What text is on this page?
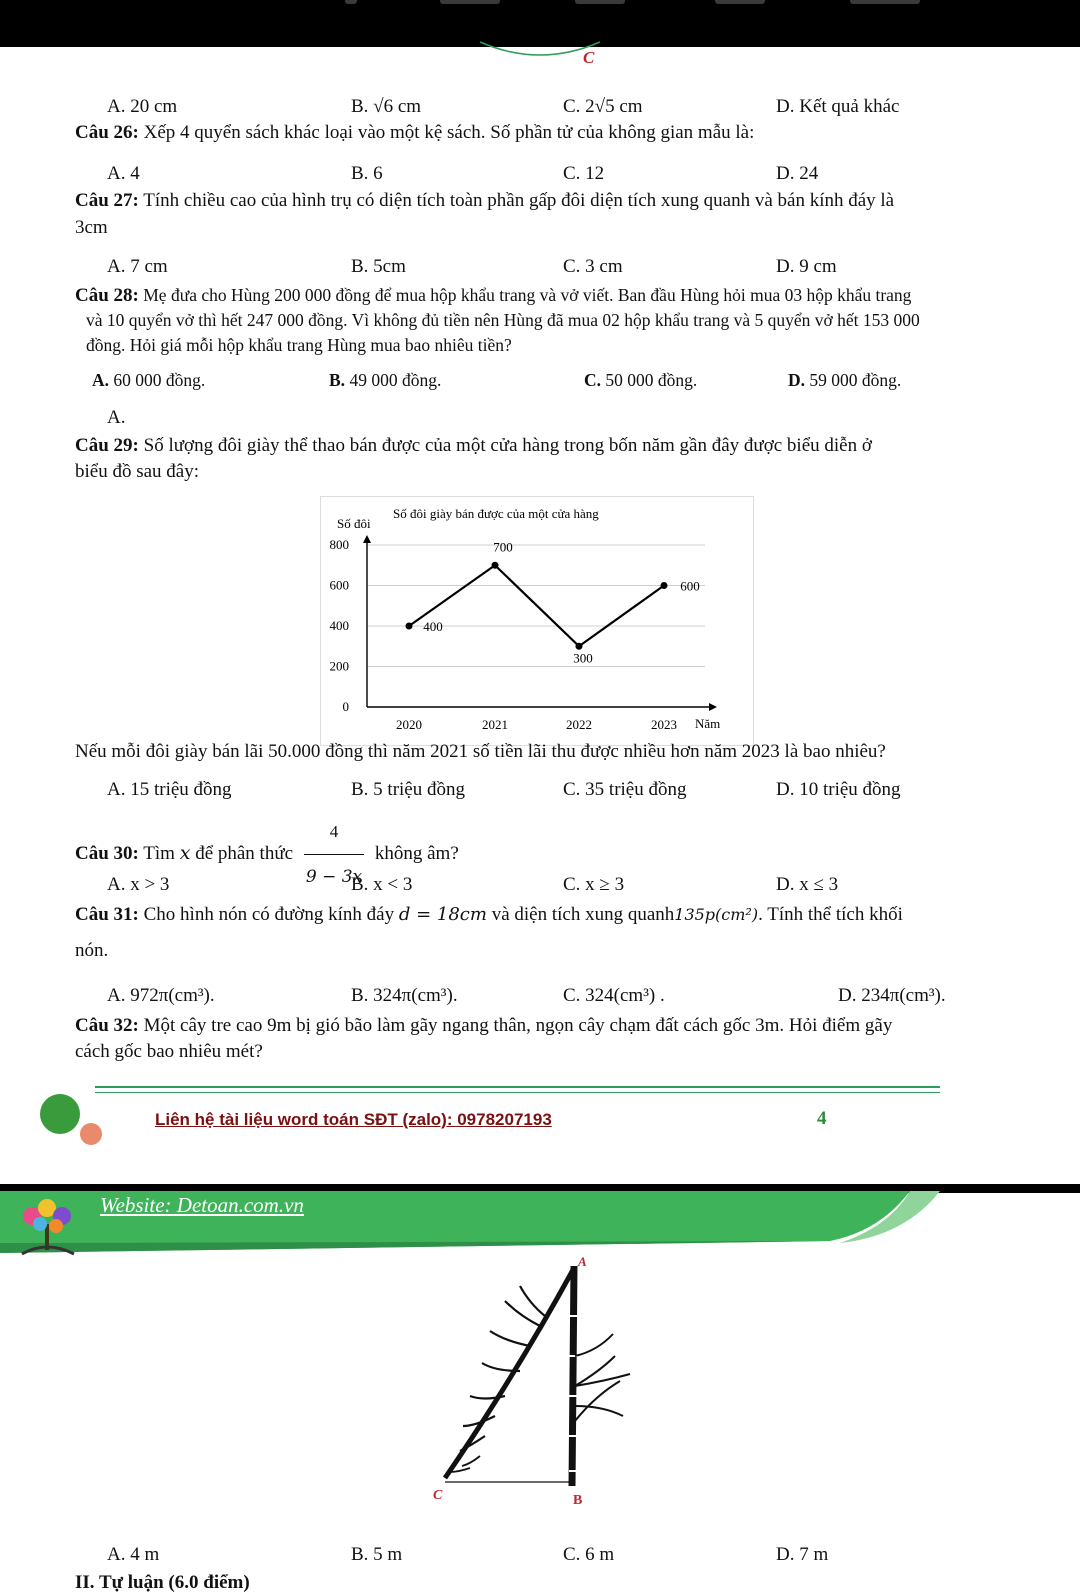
C
A. 20 cm	B. √6 cm	C. 2√5 cm	D. Kết quả khác
Câu 26: Xếp 4 quyển sách khác loại vào một kệ sách. Số phần tử của không gian mẫu là:
A. 4	B. 6	C. 12	D. 24
Câu 27: Tính chiều cao của hình trụ có diện tích toàn phần gấp đôi diện tích xung quanh và bán kính đáy là
3cm
A. 7 cm	B. 5cm	C. 3 cm	D. 9 cm
Câu 28: Mẹ đưa cho Hùng 200 000 đồng để mua hộp khẩu trang và vở viết. Ban đầu Hùng hỏi mua 03 hộp khẩu trang
và 10 quyển vở thì hết 247 000 đồng. Vì không đủ tiền nên Hùng đã mua 02 hộp khẩu trang và 5 quyển vở hết 153 000
đồng. Hỏi giá mỗi hộp khẩu trang Hùng mua bao nhiêu tiền?
A. 60 000 đồng.	B. 49 000 đồng.	C. 50 000 đồng.	D. 59 000 đồng.
A.
Câu 29: Số lượng đôi giày thể thao bán được của một cửa hàng trong bốn năm gần đây được biểu diễn ở
biểu đồ sau đây:
Số đôi giày bán được của một cửa hàng
Số đôi
Năm
0
200
400
600
800
2020	2021	2022	2023
400
700
300
600
Nếu mỗi đôi giày bán lãi 50.000 đồng thì năm 2021 số tiền lãi thu được nhiều hơn năm 2023 là bao nhiêu?
A. 15 triệu đồng	B. 5 triệu đồng	C. 35 triệu đồng	D. 10 triệu đồng
Câu 30: Tìm x để phân thức $\frac{4}{9 - 3x}$ không âm?
A. x > 3	B. x < 3	C. x ≥ 3	D. x ≤ 3
Câu 31: Cho hình nón có đường kính đáy d = 18cm và diện tích xung quanh135p(cm²). Tính thể tích khối
nón.
A. 972π(cm³).	B. 324π(cm³).	C. 324(cm³) .	D. 234π(cm³).
Câu 32: Một cây tre cao 9m bị gió bão làm gãy ngang thân, ngọn cây chạm đất cách gốc 3m. Hỏi điểm gãy
cách gốc bao nhiêu mét?
Liên hệ tài liệu word toán SĐT (zalo): 0978207193	4
Website: Detoan.com.vn
A
B
C
A. 4 m	B. 5 m	C. 6 m	D. 7 m
II. Tự luận (6.0 điểm)
